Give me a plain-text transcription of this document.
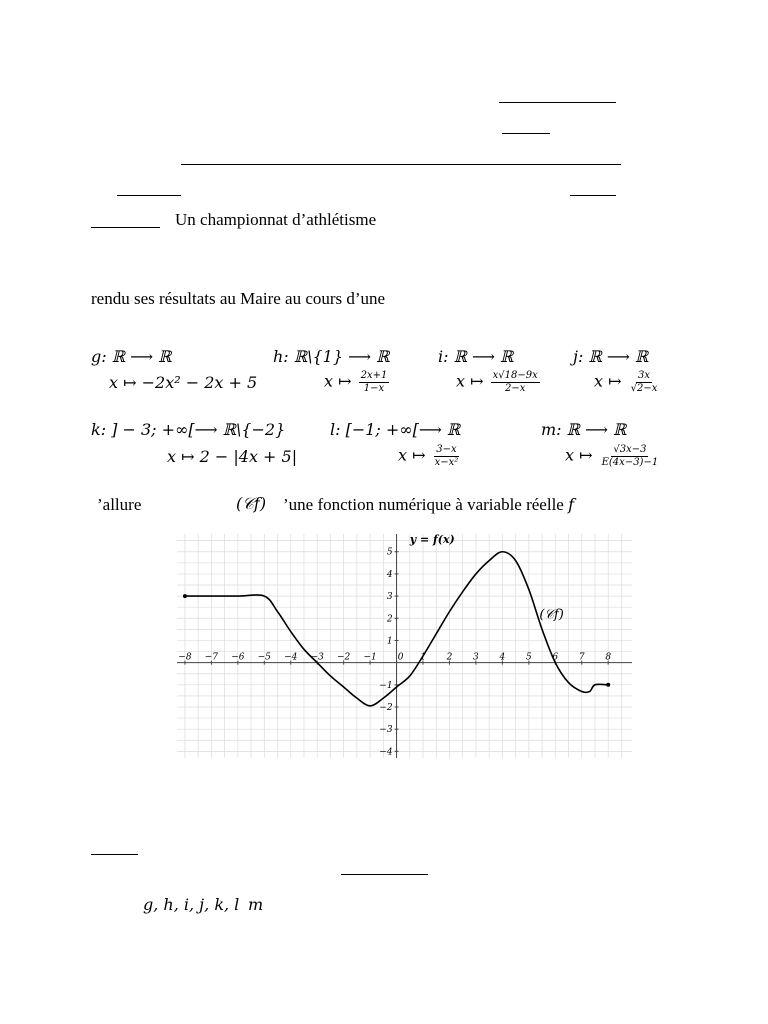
Un championnat d’athlétisme
rendu ses résultats au Maire au cours d’une
g: ℝ ⟶ ℝ
x ↦ −2x² − 2x + 5
h: ℝ\{1} ⟶ ℝ
x ↦ $\frac{2x+1}{1-x}$
i: ℝ ⟶ ℝ
x ↦ $\frac{x√18-9x}{2-x}$
j: ℝ ⟶ ℝ
x ↦ $\frac{3x}{√2-x}$
k: ] − 3; +∞[⟶ ℝ\{−2}
x ↦ 2 − |4x + 5|
l: [−1; +∞[⟶ ℝ
x ↦ $\frac{3-x}{\text{x−x²}}$
m: ℝ ⟶ ℝ
x ↦ $\frac{√3x-3}{E(4x-3)-1}$
’allure	(𝒞f) ’une fonction numérique à variable réelle f
−8 −7 −6 −5 −4 −3 −2 −1 0 1 2 3 4 5 6 7 8
−4
−3
−2
−1
1
2
3
4
5
y = f(x)
(𝒞f)
g, h, i, j, k, l m
